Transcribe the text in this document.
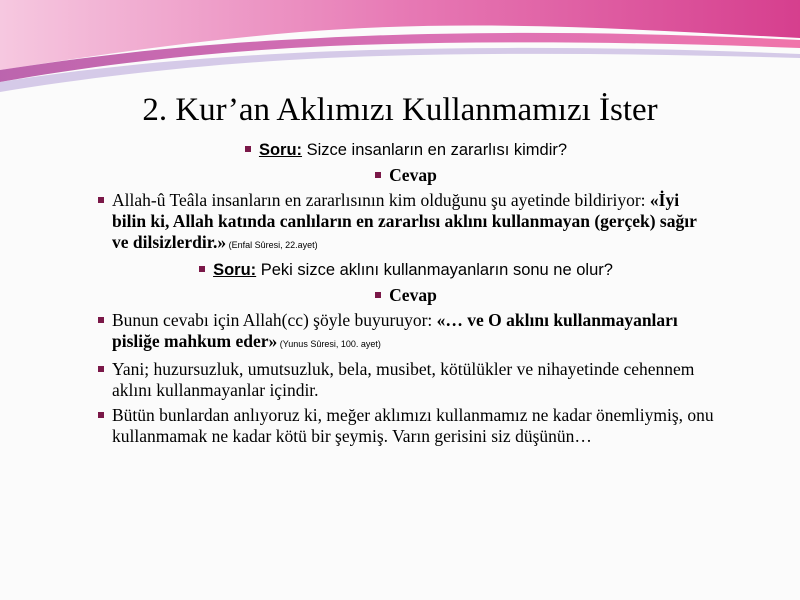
2. Kur’an Aklımızı Kullanmamızı İster
Soru: Sizce insanların en zararlısı kimdir?
Cevap
Allah-û Teâla insanların en zararlısının kim olduğunu şu ayetinde bildiriyor: «İyi bilin ki, Allah katında canlıların en zararlısı aklını kullanmayan (gerçek) sağır ve dilsizlerdir.» (Enfal Sûresi, 22.ayet)
Soru: Peki sizce aklını kullanmayanların sonu ne olur?
Cevap
Bunun cevabı için Allah(cc) şöyle buyuruyor: «… ve O aklını kullanmayanları pisliğe mahkum eder» (Yunus Sûresi, 100. ayet)
Yani; huzursuzluk, umutsuzluk, bela, musibet, kötülükler ve nihayetinde cehennem aklını kullanmayanlar içindir.
Bütün bunlardan anlıyoruz ki, meğer aklımızı kullanmamız ne kadar önemliymiş, onu kullanmamak ne kadar kötü bir şeymiş. Varın gerisini siz düşünün…
